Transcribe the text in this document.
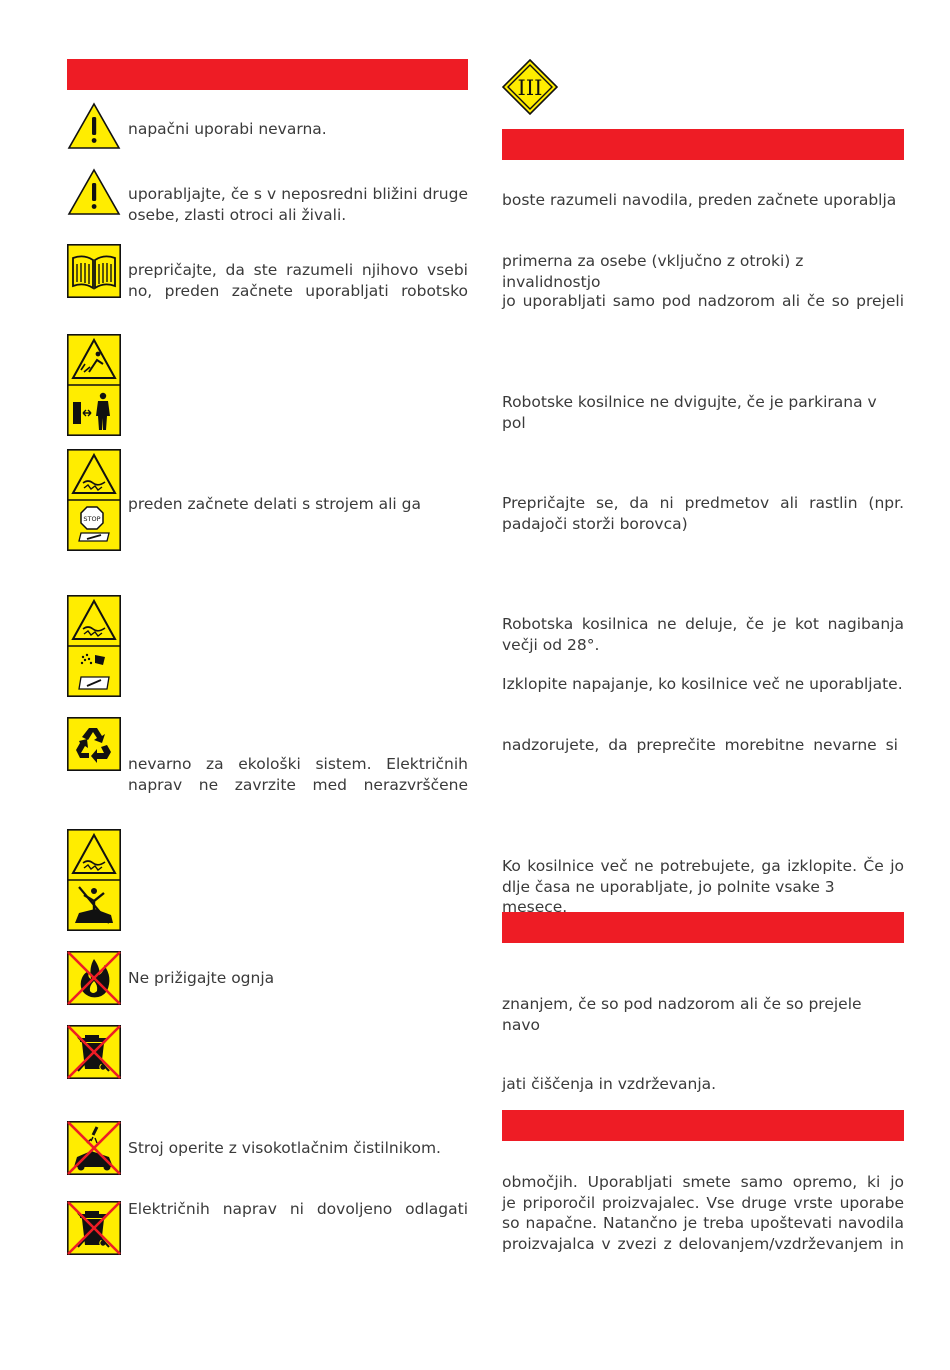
STOP
napačni uporabi nevarna.
uporabljajte, če s v neposredni bližini druge
osebe, zlasti otroci ali živali.
prepričajte, da ste razumeli njihovo vsebi
no, preden začnete uporabljati robotsko
preden začnete delati s strojem ali ga
nevarno za ekološki sistem. Električnih
naprav ne zavrzite med nerazvrščene
Ne prižigajte ognja
Stroj operite z visokotlačnim čistilnikom.
Električnih naprav ni dovoljeno odlagati
III
boste razumeli navodila, preden začnete uporablja
primerna za osebe (vključno z otroki) z invalidnostjo
jo uporabljati samo pod nadzorom ali če so prejeli
Robotske kosilnice ne dvigujte, če je parkirana v pol
Prepričajte se, da ni predmetov ali rastlin (npr.
padajoči storži borovca)
Robotska kosilnica ne deluje, če je kot nagibanja
večji od 28°.
Izklopite napajanje, ko kosilnice več ne uporabljate.
nadzorujete, da preprečite morebitne nevarne si
Ko kosilnice več ne potrebujete, ga izklopite. Če jo
dlje časa ne uporabljate, jo polnite vsake 3 mesece.
znanjem, če so pod nadzorom ali če so prejele navo
jati čiščenja in vzdrževanja.
območjih. Uporabljati smete samo opremo, ki jo
je priporočil proizvajalec. Vse druge vrste uporabe
so napačne. Natančno je treba upoštevati navodila
proizvajalca v zvezi z delovanjem/vzdrževanjem in
